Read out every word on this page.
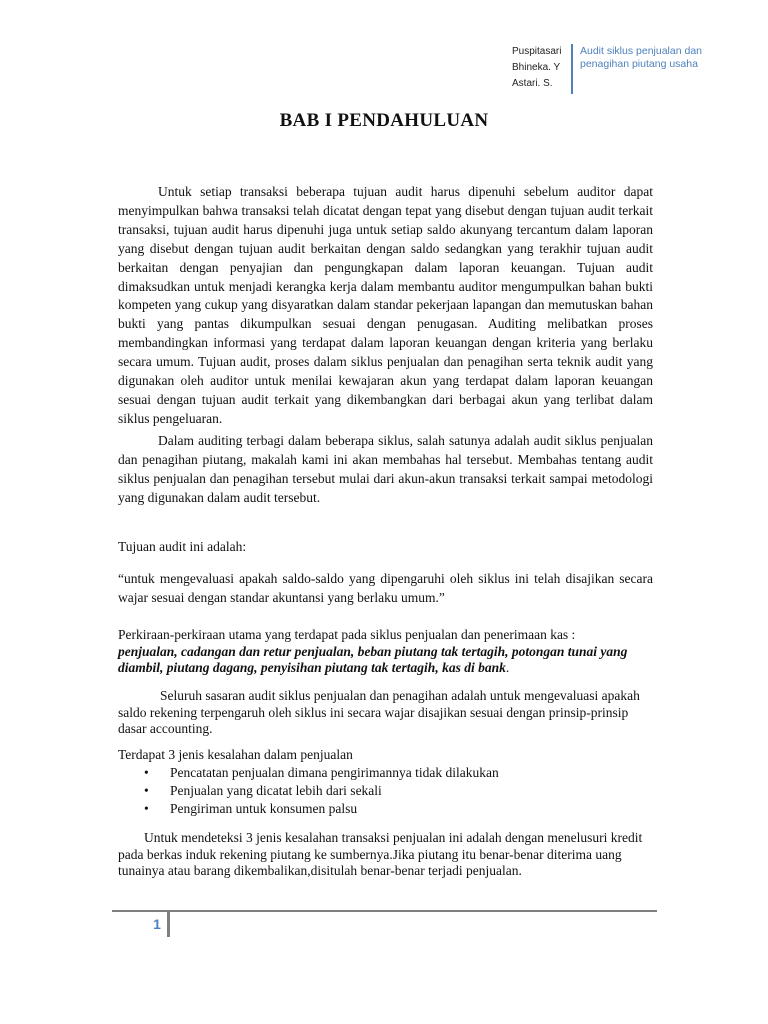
Puspitasari
Bhineka. Y
Astari. S.
Audit siklus penjualan dan
penagihan piutang usaha
BAB I PENDAHULUAN
Untuk setiap transaksi beberapa tujuan audit harus dipenuhi sebelum auditor dapat menyimpulkan bahwa transaksi telah dicatat dengan tepat yang disebut dengan tujuan audit terkait transaksi, tujuan audit harus dipenuhi juga untuk setiap saldo akunyang tercantum dalam laporan yang disebut dengan tujuan audit berkaitan dengan saldo sedangkan yang terakhir tujuan audit berkaitan dengan penyajian dan pengungkapan dalam laporan keuangan. Tujuan audit dimaksudkan untuk menjadi kerangka kerja dalam membantu auditor mengumpulkan bahan bukti kompeten yang cukup yang disyaratkan dalam standar pekerjaan lapangan dan memutuskan bahan bukti yang pantas dikumpulkan sesuai dengan penugasan. Auditing melibatkan proses membandingkan informasi yang terdapat dalam laporan keuangan dengan kriteria yang berlaku secara umum. Tujuan audit, proses dalam siklus penjualan dan penagihan serta teknik audit yang digunakan oleh auditor untuk menilai kewajaran akun yang terdapat dalam laporan keuangan sesuai dengan tujuan audit terkait yang dikembangkan dari berbagai akun yang terlibat dalam siklus pengeluaran.
Dalam auditing terbagi dalam beberapa siklus, salah satunya adalah audit siklus penjualan dan penagihan piutang, makalah kami ini akan membahas hal tersebut. Membahas tentang audit siklus penjualan dan penagihan tersebut mulai dari akun-akun transaksi terkait sampai metodologi yang digunakan dalam audit tersebut.
Tujuan audit ini adalah:
“untuk mengevaluasi apakah saldo-saldo yang dipengaruhi oleh siklus ini telah disajikan secara wajar sesuai dengan standar akuntansi yang berlaku umum.”
Perkiraan-perkiraan utama yang terdapat pada siklus penjualan dan penerimaan kas :
penjualan, cadangan dan retur penjualan, beban piutang tak tertagih, potongan tunai yang diambil, piutang dagang, penyisihan piutang tak tertagih, kas di bank.
Seluruh sasaran audit siklus penjualan dan penagihan adalah untuk mengevaluasi apakah saldo rekening terpengaruh oleh siklus ini secara wajar disajikan sesuai dengan prinsip-prinsip dasar accounting.
Terdapat 3 jenis kesalahan dalam penjualan
• Pencatatan penjualan dimana pengirimannya tidak dilakukan
• Penjualan yang dicatat lebih dari sekali
• Pengiriman untuk konsumen palsu
Untuk mendeteksi 3 jenis kesalahan transaksi penjualan ini adalah dengan menelusuri kredit pada berkas induk rekening piutang ke sumbernya.Jika piutang itu benar-benar diterima uang tunainya atau barang dikembalikan,disitulah benar-benar terjadi penjualan.
1
